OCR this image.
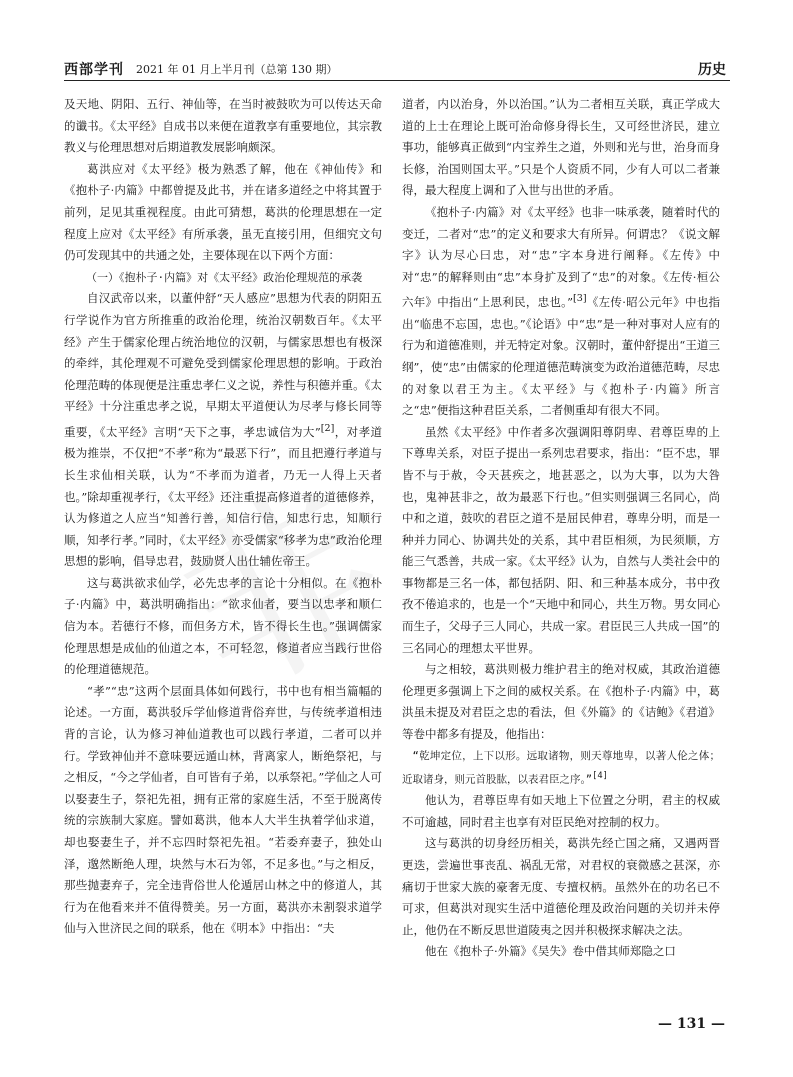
西部学刊 2021 年 01 月上半月刊（总第 130 期）	历史

及天地、阴阳、五行、神仙等，在当时被鼓吹为可以传达天命的谶书。《太平经》自成书以来便在道教享有重要地位，其宗教教义与伦理思想对后期道教发展影响颇深。

葛洪应对《太平经》极为熟悉了解，他在《神仙传》和《抱朴子·内篇》中都曾提及此书，并在诸多道经之中将其置于前列，足见其重视程度。由此可猜想，葛洪的伦理思想在一定程度上应对《太平经》有所承袭，虽无直接引用，但细究文句仍可发现其中的共通之处，主要体现在以下两个方面：

（一）《抱朴子·内篇》对《太平经》政治伦理规范的承袭

自汉武帝以来，以董仲舒“天人感应”思想为代表的阴阳五行学说作为官方所推重的政治伦理，统治汉朝数百年。《太平经》产生于儒家伦理占统治地位的汉朝，与儒家思想也有极深的牵绊，其伦理观不可避免受到儒家伦理思想的影响。于政治伦理范畴的体现便是注重忠孝仁义之说，养性与积德并重。《太平经》十分注重忠孝之说，早期太平道便认为尽孝与修长同等重要，《太平经》言明“天下之事，孝忠诚信为大”[2]，对孝道极为推崇，不仅把“不孝”称为“最恶下行”，而且把遵行孝道与长生求仙相关联，认为“不孝而为道者，乃无一人得上天者也。”除却重视孝行，《太平经》还注重提高修道者的道德修养，认为修道之人应当“知善行善，知信行信，知忠行忠，知顺行顺，知孝行孝。”同时，《太平经》亦受儒家“移孝为忠”政治伦理思想的影响，倡导忠君，鼓励贤人出仕辅佐帝王。

这与葛洪欲求仙学，必先忠孝的言论十分相似。在《抱朴子·内篇》中，葛洪明确指出：“欲求仙者，要当以忠孝和顺仁信为本。若德行不修，而但务方术，皆不得长生也。”强调儒家伦理思想是成仙的仙道之本，不可轻忽，修道者应当践行世俗的伦理道德规范。

“孝”“忠”这两个层面具体如何践行，书中也有相当篇幅的论述。一方面，葛洪驳斥学仙修道背俗弃世，与传统孝道相违背的言论，认为修习神仙道教也可以践行孝道，二者可以并行。学致神仙并不意味要远遁山林，背离家人，断绝祭祀，与之相反，“今之学仙者，自可皆有子弟，以承祭祀。”学仙之人可以娶妻生子，祭祀先祖，拥有正常的家庭生活，不至于脱离传统的宗族制大家庭。譬如葛洪，他本人大半生执着学仙求道，却也娶妻生子，并不忘四时祭祀先祖。“若委弃妻子，独处山泽，邈然断绝人理，块然与木石为邻，不足多也。”与之相反，那些抛妻弃子，完全违背俗世人伦遁居山林之中的修道人，其行为在他看来并不值得赞美。另一方面，葛洪亦未割裂求道学仙与入世济民之间的联系，他在《明本》中指出：“夫

道者，内以治身，外以治国。”认为二者相互关联，真正学成大道的上士在理论上既可治命修身得长生，又可经世济民，建立事功，能够真正做到“内宝养生之道，外则和光与世，治身而身长修，治国则国太平。”只是个人资质不同，少有人可以二者兼得，最大程度上调和了入世与出世的矛盾。

《抱朴子·内篇》对《太平经》也非一味承袭，随着时代的变迁，二者对“忠”的定义和要求大有所异。何谓忠？《说文解字》认为尽心曰忠，对“忠”字本身进行阐释。《左传》中对“忠”的解释则由“忠”本身扩及到了“忠”的对象。《左传·桓公六年》中指出“上思利民，忠也。”[3]《左传·昭公元年》中也指出“临患不忘国，忠也。”《论语》中“忠”是一种对事对人应有的行为和道德准则，并无特定对象。汉朝时，董仲舒提出“王道三纲”，使“忠”由儒家的伦理道德范畴演变为政治道德范畴，尽忠的对象以君王为主。《太平经》与《抱朴子·内篇》所言之“忠”便指这种君臣关系，二者侧重却有很大不同。

虽然《太平经》中作者多次强调阳尊阴卑、君尊臣卑的上下尊卑关系，对臣子提出一系列忠君要求，指出：“臣不忠，罪皆不与于赦，令天甚疾之，地甚恶之，以为大事，以为大咎也，鬼神甚非之，故为最恶下行也。”但实则强调三名同心，尚中和之道，鼓吹的君臣之道不是屈民伸君，尊卑分明，而是一种并力同心、协调共处的关系，其中君臣相须，为民须顺，方能三气悉善，共成一家。《太平经》认为，自然与人类社会中的事物都是三名一体，都包括阴、阳、和三种基本成分，书中孜孜不倦追求的，也是一个“天地中和同心，共生万物。男女同心而生子，父母子三人同心，共成一家。君臣民三人共成一国”的三名同心的理想太平世界。

与之相较，葛洪则极力维护君主的绝对权威，其政治道德伦理更多强调上下之间的威权关系。在《抱朴子·内篇》中，葛洪虽未提及对君臣之忠的看法，但《外篇》的《诘鲍》《君道》等卷中都多有提及，他指出：

“乾坤定位，上下以形。远取诸物，则天尊地卑，以著人伦之体；近取诸身，则元首股肱，以表君臣之序。”[4]

他认为，君尊臣卑有如天地上下位置之分明，君主的权威不可逾越，同时君主也享有对臣民绝对控制的权力。

这与葛洪的切身经历相关，葛洪先经亡国之痛，又遇两晋更迭，尝遍世事丧乱、祸乱无常，对君权的衰微感之甚深，亦痛切于世家大族的豪奢无度、专擅权柄。虽然外在的功名已不可求，但葛洪对现实生活中道德伦理及政治问题的关切并未停止，他仍在不断反思世道陵夷之因并积极探求解决之法。

他在《抱朴子·外篇》《吴失》卷中借其师郑隐之口

— 131 —
